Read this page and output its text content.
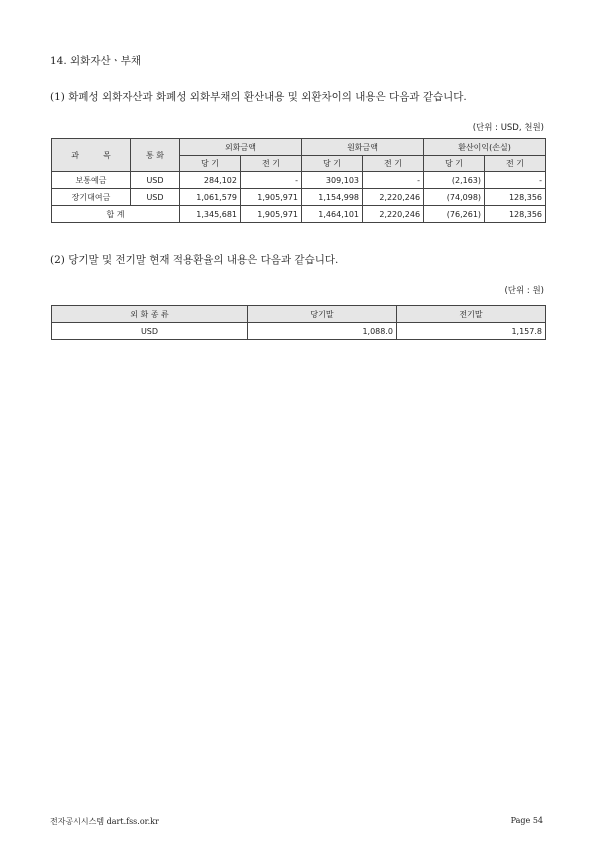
14. 외화자산ㆍ부채
(1) 화폐성 외화자산과 화폐성 외화부채의 환산내용 및 외환차이의 내용은 다음과 같습니다.
(단위 : USD, 천원)
과　　　목	통 화	외화금액		원화금액		환산이익(손실)	
		당 기	전 기	당 기	전 기	당 기	전 기
보통예금	USD	284,102	-	309,103	-	(2,163)	-
장기대여금	USD	1,061,579	1,905,971	1,154,998	2,220,246	(74,098)	128,356
합 계		1,345,681	1,905,971	1,464,101	2,220,246	(76,261)	128,356
(2) 당기말 및 전기말 현재 적용환율의 내용은 다음과 같습니다.
(단위 : 원)
외 화 종 류	당기말	전기말
USD	1,088.0	1,157.8
전자공시시스템 dart.fss.or.kr	Page 54
